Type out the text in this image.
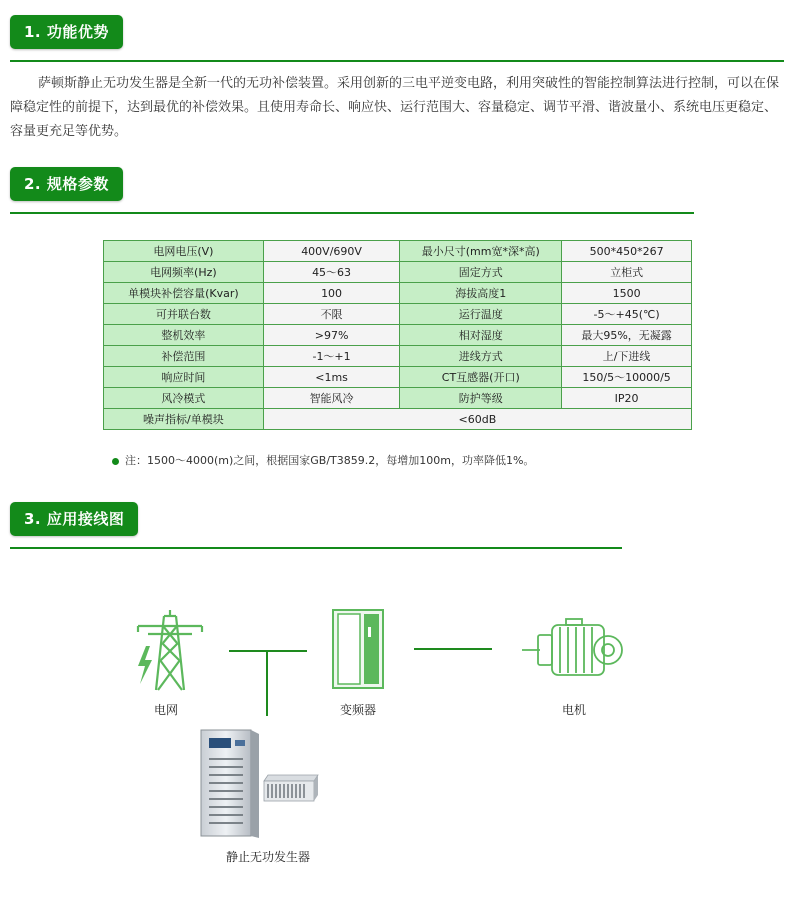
1. 功能优势
萨顿斯静止无功发生器是全新一代的无功补偿装置。采用创新的三电平逆变电路，利用突破性的智能控制算法进行控制，可以在保障稳定性的前提下，达到最优的补偿效果。且使用寿命长、响应快、运行范围大、容量稳定、调节平滑、谐波量小、系统电压更稳定、容量更充足等优势。
2. 规格参数
电网电压(V)	400V/690V	最小尺寸(mm宽*深*高)	500*450*267
电网频率(Hz)	45～63	固定方式	立柜式
单模块补偿容量(Kvar)	100	海拔高度1	1500
可并联台数	不限	运行温度	-5～+45(℃)
整机效率	>97%	相对湿度	最大95%，无凝露
补偿范围	-1～+1	进线方式	上/下进线
响应时间	<1ms	CT互感器(开口)	150/5～10000/5
风冷模式	智能风冷	防护等级	IP20
噪声指标/单模块	<60dB		
注：1500～4000(m)之间，根据国家GB/T3859.2，每增加100m，功率降低1%。
3. 应用接线图
电网	变频器	电机
静止无功发生器
